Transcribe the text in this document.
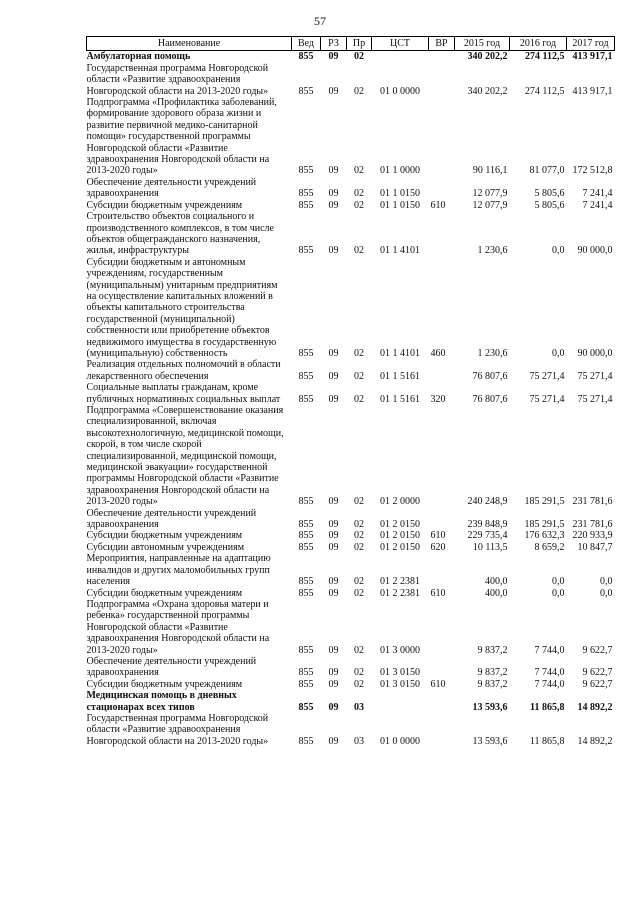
57
Наименование	Вед	РЗ	Пр	ЦСТ	ВР	2015 год	2016 год	2017 год
Амбулаторная помощь	855	09	02			340 202,2	274 112,5	413 917,1
Государственная программа Новгородской области «Развитие здравоохранения Новгородской области на 2013-2020 годы»	855	09	02	01 0 0000		340 202,2	274 112,5	413 917,1
Подпрограмма «Профилактика заболеваний, формирование здорового образа жизни и развитие первичной медико-санитарной помощи» государственной программы Новгородской области «Развитие здравоохранения Новгородской области на 2013-2020 годы»	855	09	02	01 1 0000		90 116,1	81 077,0	172 512,8
Обеспечение деятельности учреждений здравоохранения	855	09	02	01 1 0150		12 077,9	5 805,6	7 241,4
Субсидии бюджетным учреждениям	855	09	02	01 1 0150	610	12 077,9	5 805,6	7 241,4
Строительство объектов социального и производственного комплексов, в том числе объектов общегражданского назначения, жилья, инфраструктуры	855	09	02	01 1 4101		1 230,6	0,0	90 000,0
Субсидии бюджетным и автономным учреждениям, государственным (муниципальным) унитарным предприятиям на осуществление капитальных вложений в объекты капитального строительства государственной (муниципальной) собственности или приобретение объектов недвижимого имущества в государственную (муниципальную) собственность	855	09	02	01 1 4101	460	1 230,6	0,0	90 000,0
Реализация отдельных полномочий в области лекарственного обеспечения	855	09	02	01 1 5161		76 807,6	75 271,4	75 271,4
Социальные выплаты гражданам, кроме публичных нормативных социальных выплат	855	09	02	01 1 5161	320	76 807,6	75 271,4	75 271,4
Подпрограмма «Совершенствование оказания специализированной, включая высокотехнологичную, медицинской помощи, скорой, в том числе скорой специализированной, медицинской помощи, медицинской эвакуации» государственной программы Новгородской области «Развитие здравоохранения Новгородской области на 2013-2020 годы»	855	09	02	01 2 0000		240 248,9	185 291,5	231 781,6
Обеспечение деятельности учреждений здравоохранения	855	09	02	01 2 0150		239 848,9	185 291,5	231 781,6
Субсидии бюджетным учреждениям	855	09	02	01 2 0150	610	229 735,4	176 632,3	220 933,9
Субсидии автономным учреждениям	855	09	02	01 2 0150	620	10 113,5	8 659,2	10 847,7
Мероприятия, направленные на адаптацию инвалидов и других маломобильных групп населения	855	09	02	01 2 2381		400,0	0,0	0,0
Субсидии бюджетным учреждениям	855	09	02	01 2 2381	610	400,0	0,0	0,0
Подпрограмма «Охрана здоровья матери и ребенка» государственной программы Новгородской области «Развитие здравоохранения Новгородской области на 2013-2020 годы»	855	09	02	01 3 0000		9 837,2	7 744,0	9 622,7
Обеспечение деятельности учреждений здравоохранения	855	09	02	01 3 0150		9 837,2	7 744,0	9 622,7
Субсидии бюджетным учреждениям	855	09	02	01 3 0150	610	9 837,2	7 744,0	9 622,7
Медицинская помощь в дневных стационарах всех типов	855	09	03			13 593,6	11 865,8	14 892,2
Государственная программа Новгородской области «Развитие здравоохранения Новгородской области на 2013-2020 годы»	855	09	03	01 0 0000		13 593,6	11 865,8	14 892,2
